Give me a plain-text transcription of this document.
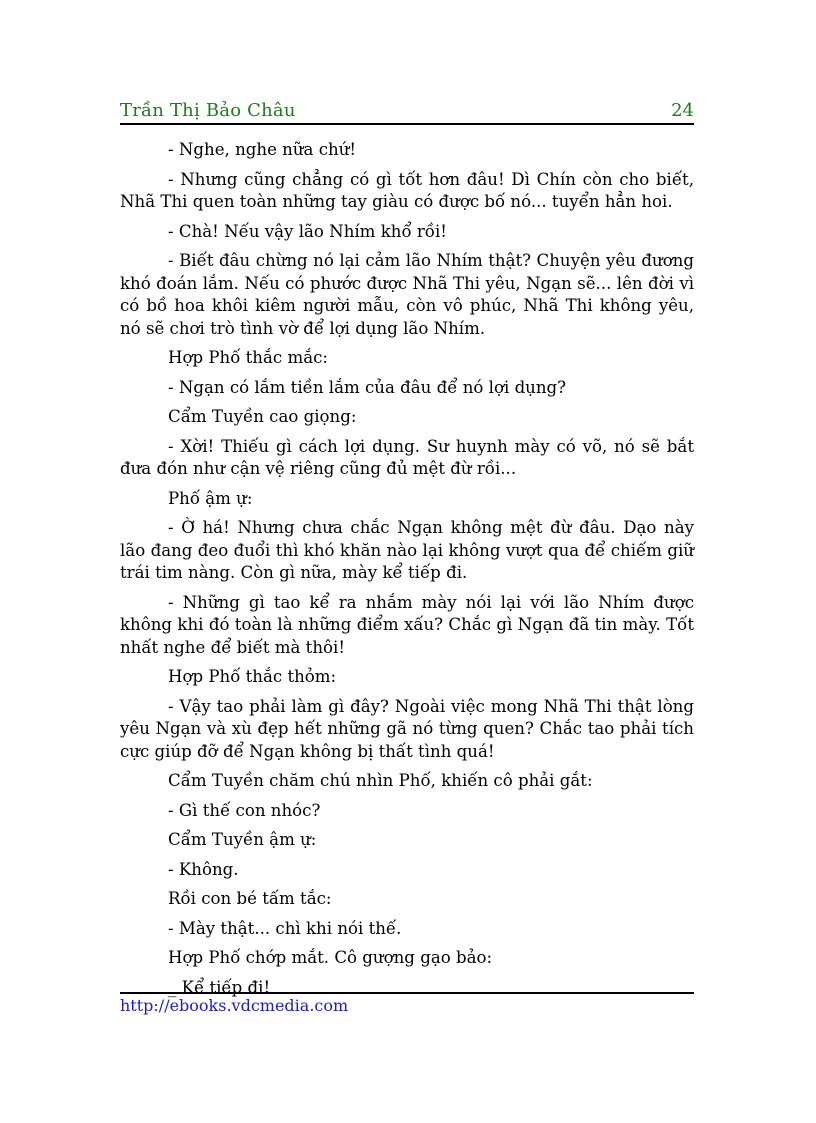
Trần Thị Bảo Châu	24

- Nghe, nghe nữa chứ!

- Nhưng cũng chẳng có gì tốt hơn đâu! Dì Chín còn cho biết, Nhã Thi quen toàn những tay giàu có được bố nó... tuyển hẳn hoi.

- Chà! Nếu vậy lão Nhím khổ rồi!

- Biết đâu chừng nó lại cảm lão Nhím thật? Chuyện yêu đương khó đoán lắm. Nếu có phước được Nhã Thi yêu, Ngạn sẽ... lên đời vì có bồ hoa khôi kiêm người mẫu, còn vô phúc, Nhã Thi không yêu, nó sẽ chơi trò tình vờ để lợi dụng lão Nhím.

Hợp Phố thắc mắc:

- Ngạn có lắm tiền lắm của đâu để nó lợi dụng?

Cẩm Tuyền cao giọng:

- Xời! Thiếu gì cách lợi dụng. Sư huynh mày có võ, nó sẽ bắt đưa đón như cận vệ riêng cũng đủ mệt đừ rồi...

Phố ậm ự:

- Ờ há! Nhưng chưa chắc Ngạn không mệt đừ đâu. Dạo này lão đang đeo đuổi thì khó khăn nào lại không vượt qua để chiếm giữ trái tim nàng. Còn gì nữa, mày kể tiếp đi.

- Những gì tao kể ra nhắm mày nói lại với lão Nhím được không khi đó toàn là những điểm xấu? Chắc gì Ngạn đã tin mày. Tốt nhất nghe để biết mà thôi!

Hợp Phố thắc thỏm:

- Vậy tao phải làm gì đây? Ngoài việc mong Nhã Thi thật lòng yêu Ngạn và xù đẹp hết những gã nó từng quen? Chắc tao phải tích cực giúp đỡ để Ngạn không bị thất tình quá!

Cẩm Tuyền chăm chú nhìn Phố, khiến cô phải gắt:

- Gì thế con nhóc?

Cẩm Tuyền ậm ự:

- Không.

Rồi con bé tấm tắc:

- Mày thật... chì khi nói thế.

Hợp Phố chớp mắt. Cô gượng gạo bảo:

_ Kể tiếp đi!

http://ebooks.vdcmedia.com
